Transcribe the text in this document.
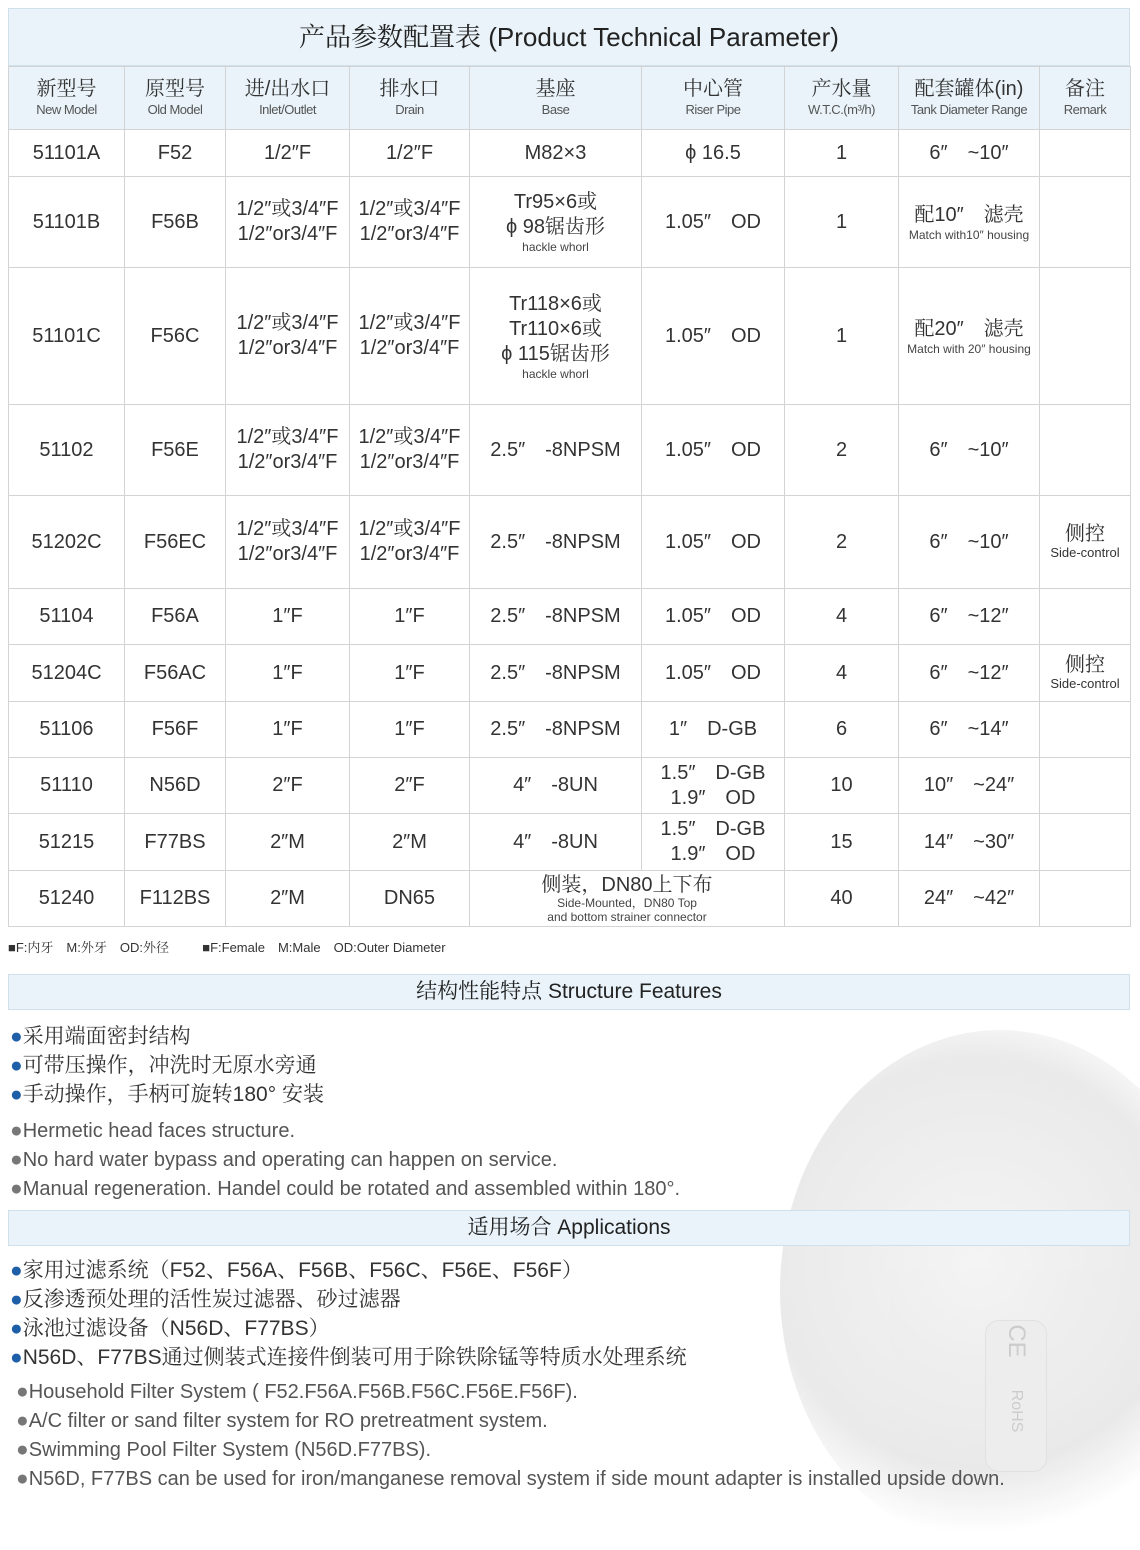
CE
RoHS
产品参数配置表 (Product Technical Parameter)
新型号
New Model	原型号
Old Model	进/出水口
Inlet/Outlet	排水口
Drain	基座
Base	中心管
Riser Pipe	产水量
W.T.C.(m³/h)	配套罐体(in)
Tank Diameter Range	备注
Remark

51101A	F52	1/2″F	1/2″F	M82×3	ϕ 16.5	1	6″　~10″	

51101B	F56B	1/2″或3/4″F
1/2″or3/4″F	1/2″或3/4″F
1/2″or3/4″F	Tr95×6或
ϕ 98锯齿形
hackle whorl	1.05″　OD	1	配10″　滤壳
Match with10″ housing	

51101C	F56C	1/2″或3/4″F
1/2″or3/4″F	1/2″或3/4″F
1/2″or3/4″F	Tr118×6或
Tr110×6或
ϕ 115锯齿形
hackle whorl	1.05″　OD	1	配20″　滤壳
Match with 20″ housing	

51102	F56E	1/2″或3/4″F
1/2″or3/4″F	1/2″或3/4″F
1/2″or3/4″F	2.5″　-8NPSM	1.05″　OD	2	6″　~10″	

51202C	F56EC	1/2″或3/4″F
1/2″or3/4″F	1/2″或3/4″F
1/2″or3/4″F	2.5″　-8NPSM	1.05″　OD	2	6″　~10″	侧控
Side-control

51104	F56A	1″F	1″F	2.5″　-8NPSM	1.05″　OD	4	6″　~12″	

51204C	F56AC	1″F	1″F	2.5″　-8NPSM	1.05″　OD	4	6″　~12″	侧控
Side-control

51106	F56F	1″F	1″F	2.5″　-8NPSM	1″　D-GB	6	6″　~14″	

51110	N56D	2″F	2″F	4″　-8UN	1.5″　D-GB
1.9″　OD	10	10″　~24″	

51215	F77BS	2″M	2″M	4″　-8UN	1.5″　D-GB
1.9″　OD	15	14″　~30″	

51240	F112BS	2″M	DN65	侧装，DN80上下布
Side-Mounted，DN80 Top
and bottom strainer connector		40	24″　~42″	

■F:内牙　M:外牙　OD:外径	■F:Female　M:Male　OD:Outer Diameter
结构性能特点 Structure Features
●采用端面密封结构
●可带压操作，冲洗时无原水旁通
●手动操作，手柄可旋转180° 安装
●Hermetic head faces structure.
●No hard water bypass and operating can happen on service.
●Manual regeneration. Handel could be rotated and assembled within 180°.
适用场合 Applications
●家用过滤系统（F52、F56A、F56B、F56C、F56E、F56F）
●反渗透预处理的活性炭过滤器、砂过滤器
●泳池过滤设备（N56D、F77BS）
●N56D、F77BS通过侧装式连接件倒装可用于除铁除锰等特质水处理系统
●Household Filter System ( F52.F56A.F56B.F56C.F56E.F56F).
●A/C filter or sand filter system for RO pretreatment system.
●Swimming Pool Filter System (N56D.F77BS).
●N56D, F77BS can be used for iron/manganese removal system if side mount adapter is installed upside down.
